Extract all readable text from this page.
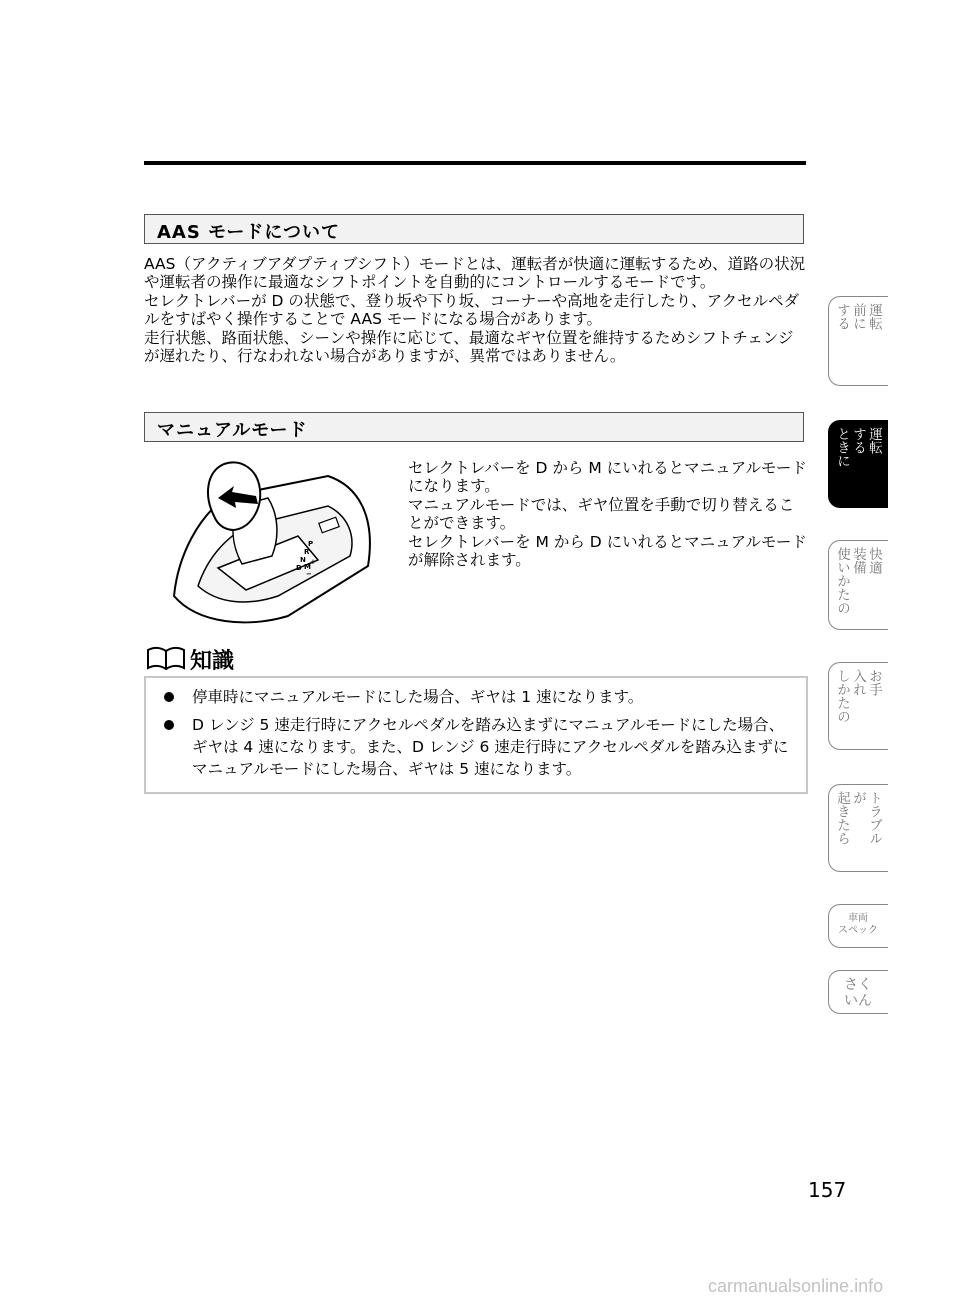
AAS モードについて

AAS（アクティブアダプティブシフト）モードとは、運転者が快適に運転するため、道路の状況や運転者の操作に最適なシフトポイントを自動的にコントロールするモードです。

セレクトレバーが D の状態で、登り坂や下り坂、コーナーや高地を走行したり、アクセルペダルをすばやく操作することで AAS モードになる場合があります。

走行状態、路面状態、シーンや操作に応じて、最適なギヤ位置を維持するためシフトチェンジが遅れたり、行なわれない場合がありますが、異常ではありません。

マニュアルモード
P
R
N
D M
+
−

セレクトレバーを D から M にいれるとマニュアルモードになります。

マニュアルモードでは、ギヤ位置を手動で切り替えることができます。

セレクトレバーを M から D にいれるとマニュアルモードが解除されます。

知識
停車時にマニュアルモードにした場合、ギヤは 1 速になります。
D レンジ 5 速走行時にアクセルペダルを踏み込まずにマニュアルモードにした場合、ギヤは 4 速になります。また、D レンジ 6 速走行時にアクセルペダルを踏み込まずにマニュアルモードにした場合、ギヤは 5 速になります。
運転
前に
する
運転
する
ときに
快適
装備
使いかたの
お手
入れ
しかたの
トラブル
が
起きたら
車両
スペック
さく
いん
157
carmanualsonline.info
